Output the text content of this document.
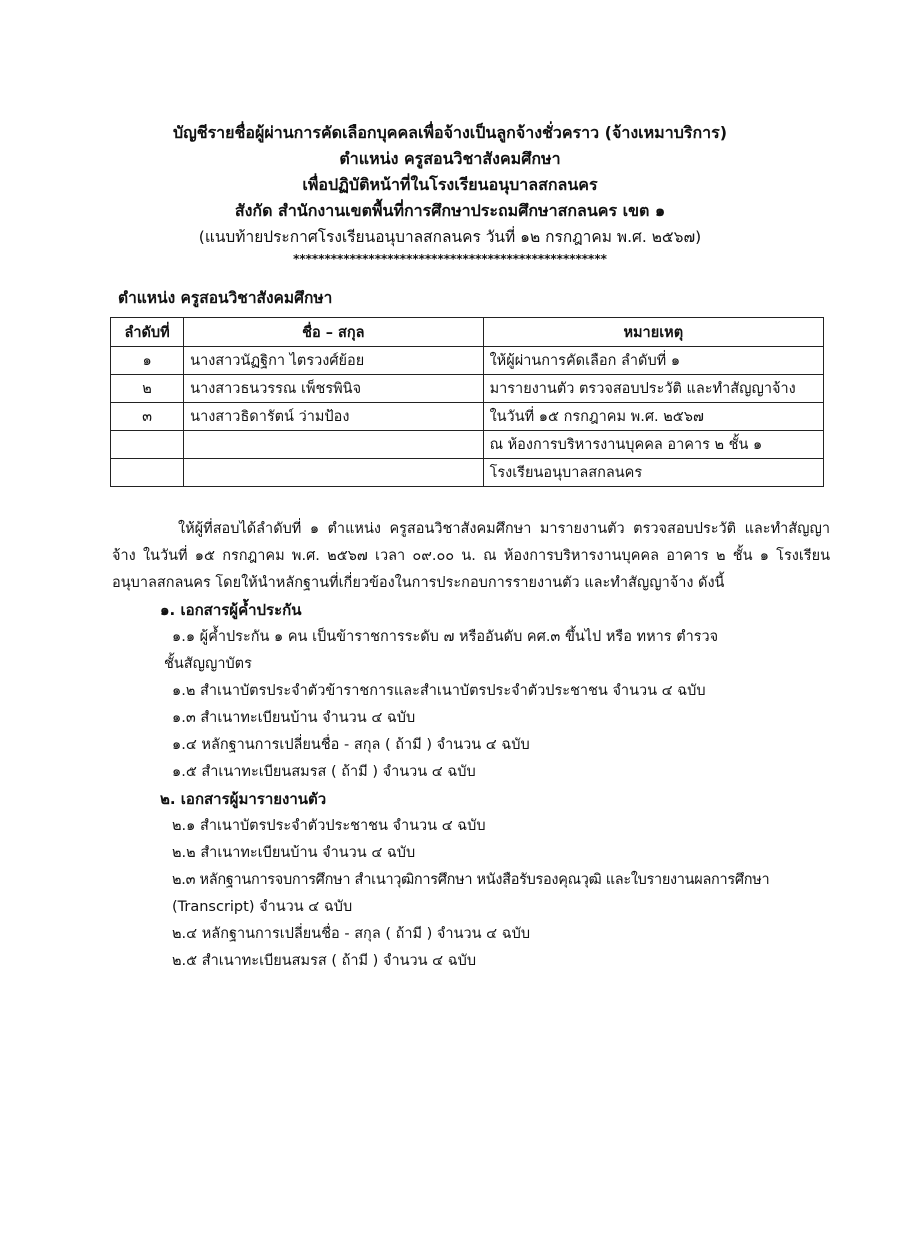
บัญชีรายชื่อผู้ผ่านการคัดเลือกบุคคลเพื่อจ้างเป็นลูกจ้างชั่วคราว (จ้างเหมาบริการ)
ตำแหน่ง ครูสอนวิชาสังคมศึกษา
เพื่อปฏิบัติหน้าที่ในโรงเรียนอนุบาลสกลนคร
สังกัด สำนักงานเขตพื้นที่การศึกษาประถมศึกษาสกลนคร เขต ๑
(แนบท้ายประกาศโรงเรียนอนุบาลสกลนคร วันที่ ๑๒ กรกฎาคม พ.ศ. ๒๕๖๗)
**************************************************
ตำแหน่ง ครูสอนวิชาสังคมศึกษา
ลำดับที่	ชื่อ – สกุล	หมายเหตุ
๑	นางสาวนัฏฐิกา ไตรวงศ์ย้อย	ให้ผู้ผ่านการคัดเลือก ลำดับที่ ๑
๒	นางสาวธนวรรณ เพ็ชรพินิจ	มารายงานตัว ตรวจสอบประวัติ และทำสัญญาจ้าง
๓	นางสาวธิดารัตน์ ว่ามป้อง	ในวันที่ ๑๕ กรกฎาคม พ.ศ. ๒๕๖๗
		ณ ห้องการบริหารงานบุคคล อาคาร ๒ ชั้น ๑
		โรงเรียนอนุบาลสกลนคร

ให้ผู้ที่สอบได้ลำดับที่ ๑ ตำแหน่ง ครูสอนวิชาสังคมศึกษา มารายงานตัว ตรวจสอบประวัติ และทำสัญญาจ้าง ในวันที่ ๑๕ กรกฎาคม พ.ศ. ๒๕๖๗ เวลา ๐๙.๐๐ น. ณ ห้องการบริหารงานบุคคล อาคาร ๒ ชั้น ๑ โรงเรียนอนุบาลสกลนคร โดยให้นำหลักฐานที่เกี่ยวข้องในการประกอบการรายงานตัว และทำสัญญาจ้าง ดังนี้

๑. เอกสารผู้ค้ำประกัน
๑.๑ ผู้ค้ำประกัน ๑ คน เป็นข้าราชการระดับ ๗ หรืออันดับ คศ.๓ ขึ้นไป หรือ ทหาร ตำรวจ
ชั้นสัญญาบัตร
๑.๒ สำเนาบัตรประจำตัวข้าราชการและสำเนาบัตรประจำตัวประชาชน จำนวน ๔ ฉบับ
๑.๓ สำเนาทะเบียนบ้าน จำนวน ๔ ฉบับ
๑.๔ หลักฐานการเปลี่ยนชื่อ - สกุล ( ถ้ามี ) จำนวน ๔ ฉบับ
๑.๕ สำเนาทะเบียนสมรส ( ถ้ามี ) จำนวน ๔ ฉบับ
๒. เอกสารผู้มารายงานตัว
๒.๑ สำเนาบัตรประจำตัวประชาชน จำนวน ๔ ฉบับ
๒.๒ สำเนาทะเบียนบ้าน จำนวน ๔ ฉบับ
๒.๓ หลักฐานการจบการศึกษา สำเนาวุฒิการศึกษา หนังสือรับรองคุณวุฒิ และใบรายงานผลการศึกษา
(Transcript) จำนวน ๔ ฉบับ
๒.๔ หลักฐานการเปลี่ยนชื่อ - สกุล ( ถ้ามี ) จำนวน ๔ ฉบับ
๒.๕ สำเนาทะเบียนสมรส ( ถ้ามี ) จำนวน ๔ ฉบับ
